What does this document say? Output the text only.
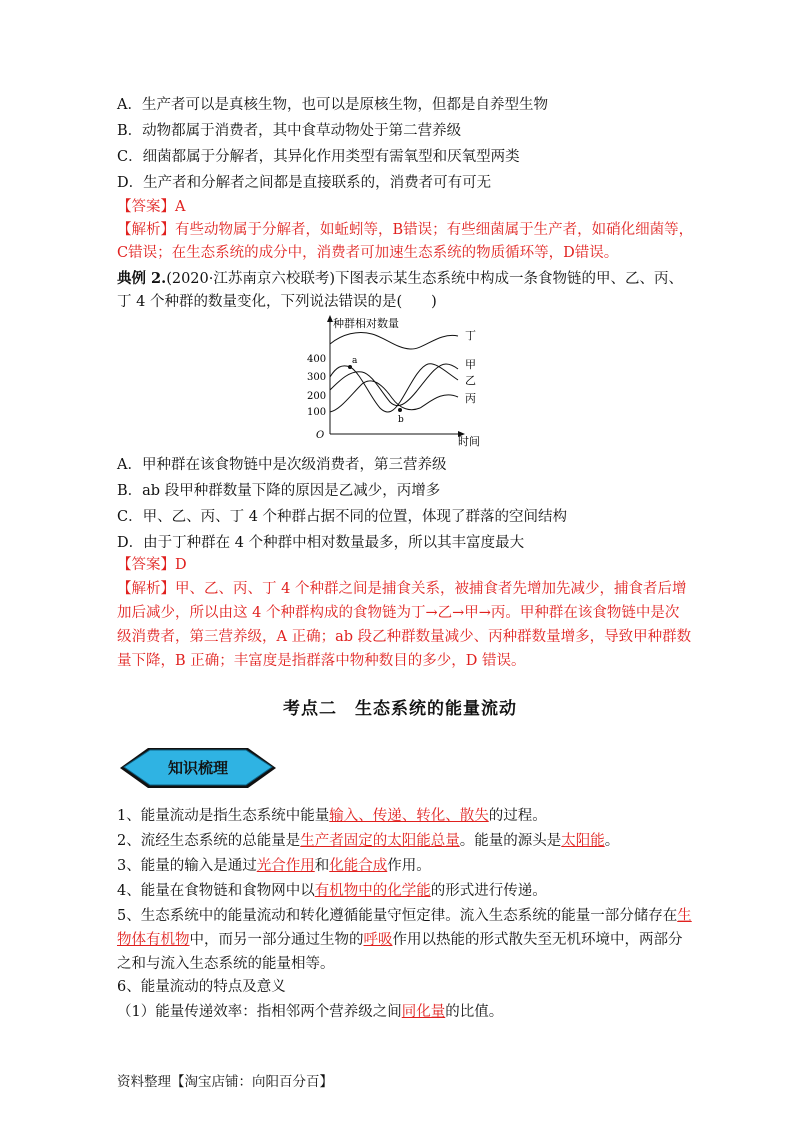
A．生产者可以是真核生物，也可以是原核生物，但都是自养型生物
B．动物都属于消费者，其中食草动物处于第二营养级
C．细菌都属于分解者，其异化作用类型有需氧型和厌氧型两类
D．生产者和分解者之间都是直接联系的，消费者可有可无
【答案】A
【解析】有些动物属于分解者，如蚯蚓等，B错误；有些细菌属于生产者，如硝化细菌等，
C错误；在生态系统的成分中，消费者可加速生态系统的物质循环等，D错误。
典例 2.(2020·江苏南京六校联考)下图表示某生态系统中构成一条食物链的甲、乙、丙、
丁 4 个种群的数量变化，下列说法错误的是(　　)
种群相对数量
时间
O
100
200
300
400	a
b
丁
甲
乙
丙
A．甲种群在该食物链中是次级消费者，第三营养级
B．ab 段甲种群数量下降的原因是乙减少，丙增多
C．甲、乙、丙、丁 4 个种群占据不同的位置，体现了群落的空间结构
D．由于丁种群在 4 个种群中相对数量最多，所以其丰富度最大
【答案】D
【解析】甲、乙、丙、丁 4 个种群之间是捕食关系，被捕食者先增加先减少，捕食者后增
加后减少，所以由这 4 个种群构成的食物链为丁→乙→甲→丙。甲种群在该食物链中是次
级消费者，第三营养级，A 正确；ab 段乙种群数量减少、丙种群数量增多，导致甲种群数
量下降，B 正确；丰富度是指群落中物种数目的多少，D 错误。
考点二　生态系统的能量流动
知识梳理
1、能量流动是指生态系统中能量输入、传递、转化、散失的过程。
2、流经生态系统的总能量是生产者固定的太阳能总量。能量的源头是太阳能。
3、能量的输入是通过光合作用和化能合成作用。
4、能量在食物链和食物网中以有机物中的化学能的形式进行传递。
5、生态系统中的能量流动和转化遵循能量守恒定律。流入生态系统的能量一部分储存在生
物体有机物中，而另一部分通过生物的呼吸作用以热能的形式散失至无机环境中，两部分
之和与流入生态系统的能量相等。
6、能量流动的特点及意义
（1）能量传递效率：指相邻两个营养级之间同化量的比值。
资料整理【淘宝店铺：向阳百分百】
